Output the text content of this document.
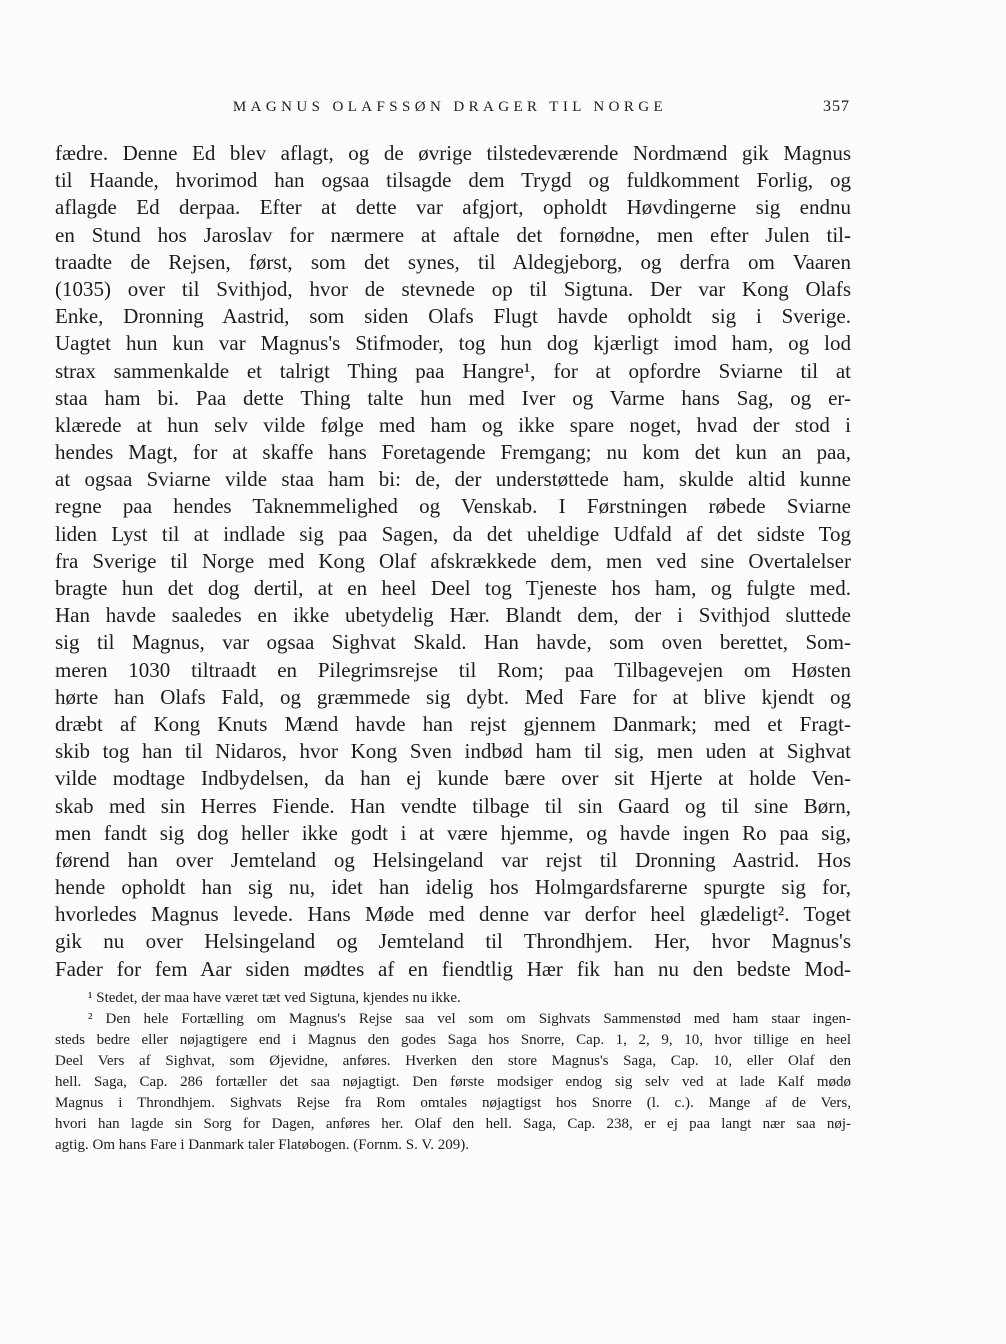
MAGNUS OLAFSSØN DRAGER TIL NORGE	357
fædre. Denne Ed blev aflagt, og de øvrige tilstedeværende Nordmænd gik Magnus
til Haande, hvorimod han ogsaa tilsagde dem Trygd og fuldkomment Forlig, og
aflagde Ed derpaa. Efter at dette var afgjort, opholdt Høvdingerne sig endnu
en Stund hos Jaroslav for nærmere at aftale det fornødne, men efter Julen til-
traadte de Rejsen, først, som det synes, til Aldegjeborg, og derfra om Vaaren
(1035) over til Svithjod, hvor de stevnede op til Sigtuna. Der var Kong Olafs
Enke, Dronning Aastrid, som siden Olafs Flugt havde opholdt sig i Sverige.
Uagtet hun kun var Magnus's Stifmoder, tog hun dog kjærligt imod ham, og lod
strax sammenkalde et talrigt Thing paa Hangre¹, for at opfordre Sviarne til at
staa ham bi. Paa dette Thing talte hun med Iver og Varme hans Sag, og er-
klærede at hun selv vilde følge med ham og ikke spare noget, hvad der stod i
hendes Magt, for at skaffe hans Foretagende Fremgang; nu kom det kun an paa,
at ogsaa Sviarne vilde staa ham bi: de, der understøttede ham, skulde altid kunne
regne paa hendes Taknemmelighed og Venskab. I Førstningen røbede Sviarne
liden Lyst til at indlade sig paa Sagen, da det uheldige Udfald af det sidste Tog
fra Sverige til Norge med Kong Olaf afskrækkede dem, men ved sine Overtalelser
bragte hun det dog dertil, at en heel Deel tog Tjeneste hos ham, og fulgte med.
Han havde saaledes en ikke ubetydelig Hær. Blandt dem, der i Svithjod sluttede
sig til Magnus, var ogsaa Sighvat Skald. Han havde, som oven berettet, Som-
meren 1030 tiltraadt en Pilegrimsrejse til Rom; paa Tilbagevejen om Høsten
hørte han Olafs Fald, og græmmede sig dybt. Med Fare for at blive kjendt og
dræbt af Kong Knuts Mænd havde han rejst gjennem Danmark; med et Fragt-
skib tog han til Nidaros, hvor Kong Sven indbød ham til sig, men uden at Sighvat
vilde modtage Indbydelsen, da han ej kunde bære over sit Hjerte at holde Ven-
skab med sin Herres Fiende. Han vendte tilbage til sin Gaard og til sine Børn,
men fandt sig dog heller ikke godt i at være hjemme, og havde ingen Ro paa sig,
førend han over Jemteland og Helsingeland var rejst til Dronning Aastrid. Hos
hende opholdt han sig nu, idet han idelig hos Holmgardsfarerne spurgte sig for,
hvorledes Magnus levede. Hans Møde med denne var derfor heel glædeligt². Toget
gik nu over Helsingeland og Jemteland til Throndhjem. Her, hvor Magnus's
Fader for fem Aar siden mødtes af en fiendtlig Hær fik han nu den bedste Mod-
¹ Stedet, der maa have været tæt ved Sigtuna, kjendes nu ikke.
² Den hele Fortælling om Magnus's Rejse saa vel som om Sighvats Sammenstød med ham staar ingen-
steds bedre eller nøjagtigere end i Magnus den godes Saga hos Snorre, Cap. 1, 2, 9, 10, hvor tillige en heel
Deel Vers af Sighvat, som Øjevidne, anføres. Hverken den store Magnus's Saga, Cap. 10, eller Olaf den
hell. Saga, Cap. 286 fortæller det saa nøjagtigt. Den første modsiger endog sig selv ved at lade Kalf mødø
Magnus i Throndhjem. Sighvats Rejse fra Rom omtales nøjagtigst hos Snorre (l. c.). Mange af de Vers,
hvori han lagde sin Sorg for Dagen, anføres her. Olaf den hell. Saga, Cap. 238, er ej paa langt nær saa nøj-
agtig. Om hans Fare i Danmark taler Flatøbogen. (Fornm. S. V. 209).
